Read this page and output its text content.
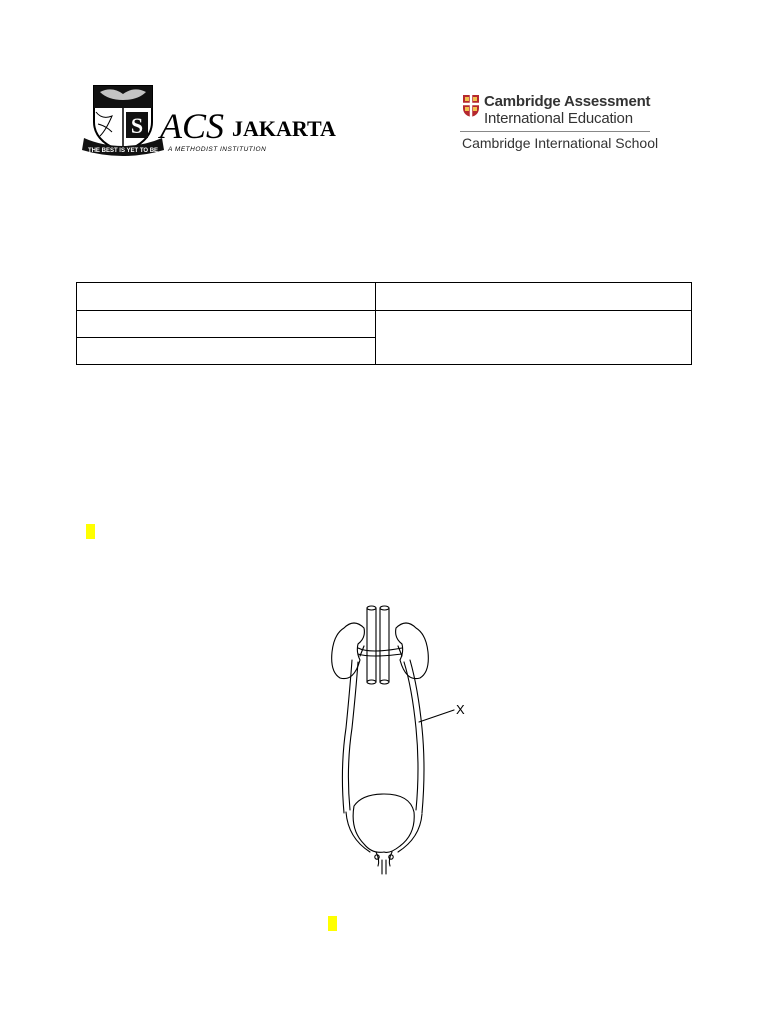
S
THE BEST IS YET TO BE
ACS JAKARTA
A METHODIST INSTITUTION
Cambridge Assessment
International Education
Cambridge International School

X
